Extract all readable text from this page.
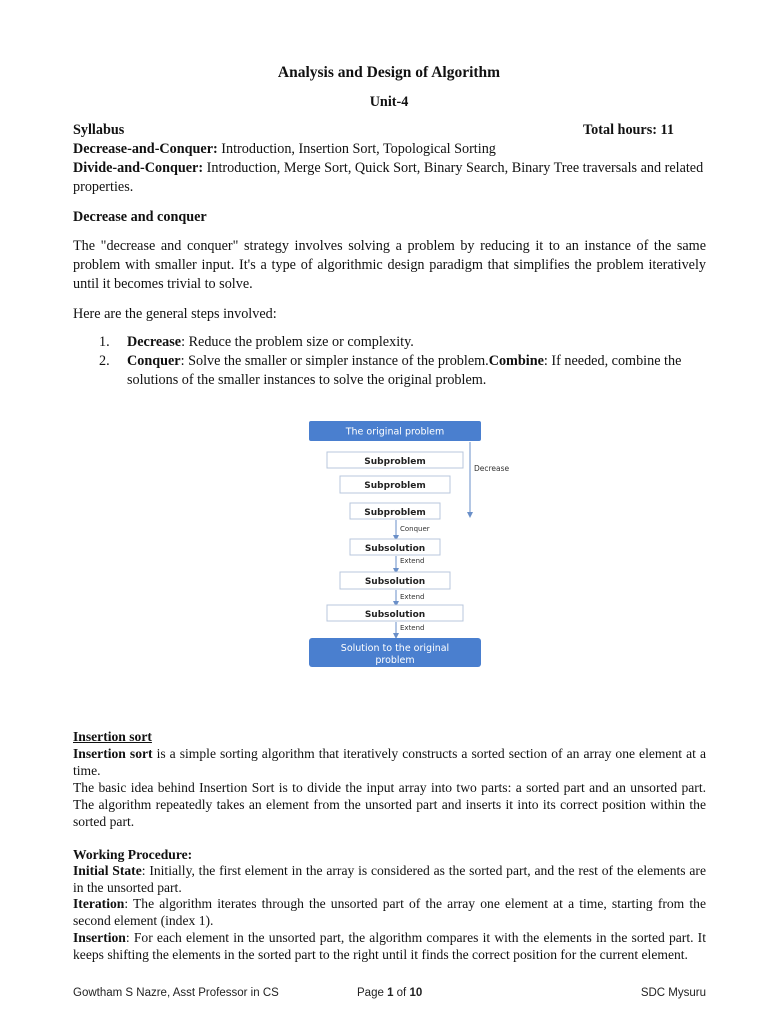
Analysis and Design of Algorithm
Unit-4
Syllabus	Total hours: 11
Decrease-and-Conquer: Introduction, Insertion Sort, Topological Sorting
Divide-and-Conquer: Introduction, Merge Sort, Quick Sort, Binary Search, Binary Tree traversals and related properties.
Decrease and conquer
The "decrease and conquer" strategy involves solving a problem by reducing it to an instance of the same problem with smaller input. It's a type of algorithmic design paradigm that simplifies the problem iteratively until it becomes trivial to solve.
Here are the general steps involved:
1. Decrease: Reduce the problem size or complexity.
2. Conquer: Solve the smaller or simpler instance of the problem.Combine: If needed, combine the solutions of the smaller instances to solve the original problem.
The original problem
Decrease
Subproblem
Subproblem
Subproblem
Conquer
Subsolution
Extend
Subsolution
Extend
Subsolution
Extend
Solution to the original
problem
Insertion sort
Insertion sort is a simple sorting algorithm that iteratively constructs a sorted section of an array one element at a time.
The basic idea behind Insertion Sort is to divide the input array into two parts: a sorted part and an unsorted part. The algorithm repeatedly takes an element from the unsorted part and inserts it into its correct position within the sorted part.
Working Procedure:
Initial State: Initially, the first element in the array is considered as the sorted part, and the rest of the elements are in the unsorted part.
Iteration: The algorithm iterates through the unsorted part of the array one element at a time, starting from the second element (index 1).
Insertion: For each element in the unsorted part, the algorithm compares it with the elements in the sorted part. It keeps shifting the elements in the sorted part to the right until it finds the correct position for the current element.
Gowtham S Nazre, Asst Professor in CS	Page 1 of 10	SDC Mysuru
